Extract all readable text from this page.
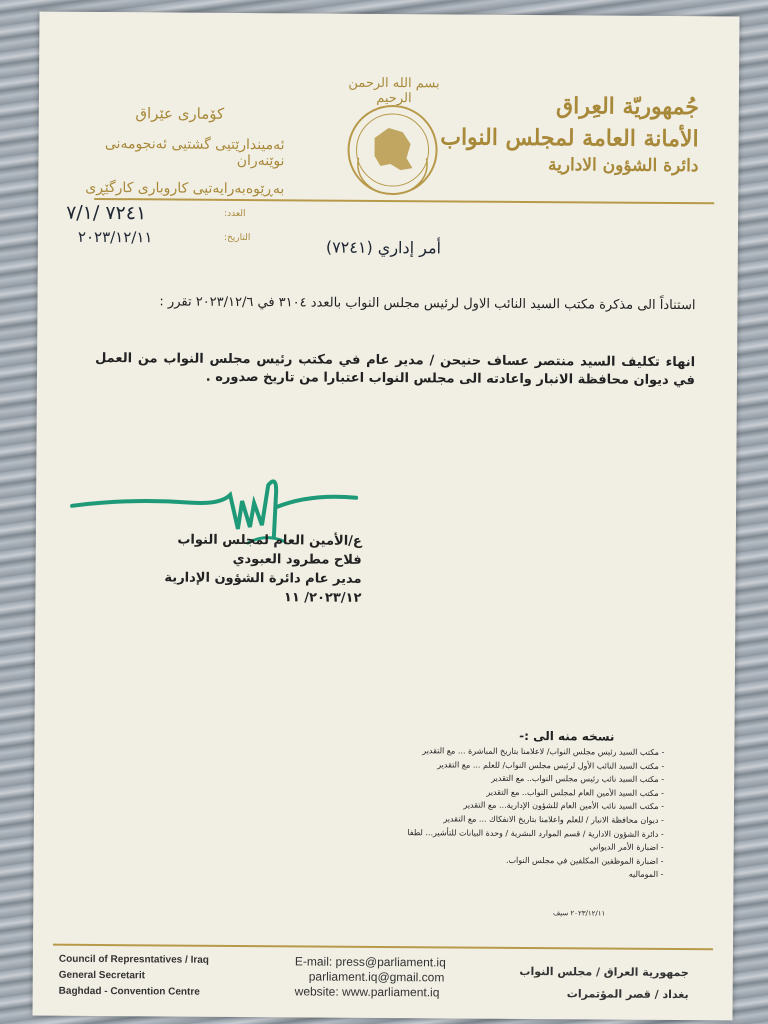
جُمهوريّة العِراق
الأمانة العامة لمجلس النواب
دائرة الشؤون الادارية
كۆماری عێراق
ئەمیندارێتیی گشتیی ئەنجومەنی نوێنەران
بەڕێوەبەرایەتیی کاروباری کارگێڕی
بسم الله الرحمن الرحيم
العدد:
التاريخ:
٧٢٤١ /٧/١
٢٠٢٣/١٢/١١
أمر إداري (٧٢٤١)
استناداً الى مذكرة مكتب السيد النائب الاول لرئيس مجلس النواب بالعدد ٣١٠٤ في ٢٠٢٣/١٢/٦ تقرر :
انهاء تكليف السيد منتصر عساف حنيحن / مدير عام في مكتب رئيس مجلس النواب من العمل في ديوان محافظة الانبار واعادته الى مجلس النواب اعتبارا من تاريخ صدوره .
ع/الأمين العام لمجلس النواب
فلاح مطرود العبودي
مدير عام دائرة الشؤون الإدارية
٢٠٢٣/١٢/ ١١
نسخه منه الى :-
- مكتب السيد رئيس مجلس النواب/ لاعلامنا بتاريخ المباشرة ... مع التقدير
- مكتب السيد النائب الأول لرئيس مجلس النواب/ للعلم ... مع التقدير
- مكتب السيد نائب رئيس مجلس النواب.. مع التقدير
- مكتب السيد الأمين العام لمجلس النواب.. مع التقدير
- مكتب السيد نائب الأمين العام للشؤون الإدارية... مع التقدير
- ديوان محافظة الانبار / للعلم واعلامنا بتاريخ الانفكاك ... مع التقدير
- دائرة الشؤون الادارية / قسم الموارد البشرية / وحدة البيانات للتأشير... لطفا
- اضبارة الأمر الديواني
- اضبارة الموظفين المكلفين في مجلس النواب.
- الموماليه
٢٠٢٣/١٢/١١ سيف
Council of Represntatives / Iraq
General Secretarit
Baghdad - Convention Centre
E-mail: press@parliament.iq
parliament.iq@gmail.com
website: www.parliament.iq
جمهورية العراق / مجلس النواب
بغداد / قصر المؤتمرات
